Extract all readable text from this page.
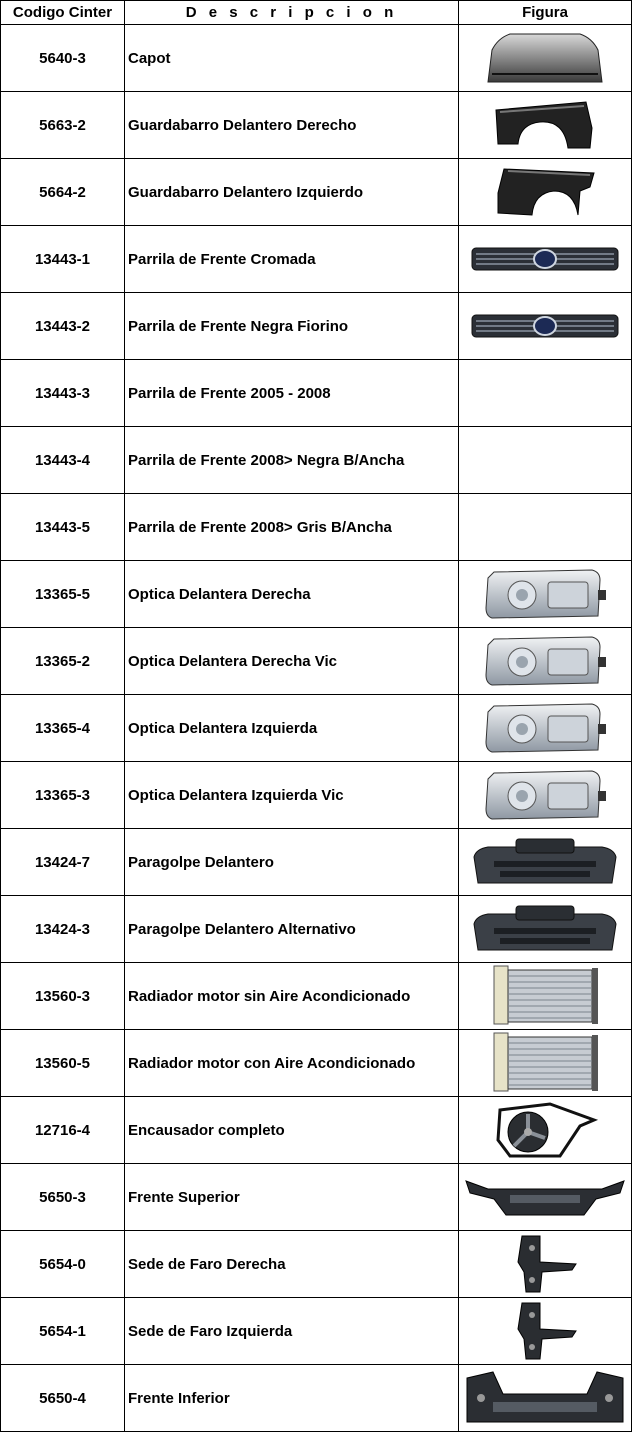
Codigo Cinter	D e s c r i p c i o n	Figura
5640-3	Capot	

5663-2	Guardabarro Delantero Derecho	

5664-2	Guardabarro Delantero Izquierdo	

13443-1	Parrila de Frente Cromada	

13443-2	Parrila de Frente Negra Fiorino	

13443-3	Parrila de Frente 2005 - 2008	
13443-4	Parrila de Frente 2008> Negra B/Ancha	
13443-5	Parrila de Frente 2008> Gris B/Ancha	
13365-5	Optica Delantera Derecha	

13365-2	Optica Delantera Derecha Vic	

13365-4	Optica Delantera Izquierda	

13365-3	Optica Delantera Izquierda Vic	

13424-7	Paragolpe Delantero	

13424-3	Paragolpe Delantero Alternativo	

13560-3	Radiador motor sin Aire Acondicionado	

13560-5	Radiador motor con Aire Acondicionado	

12716-4	Encausador completo	

5650-3	Frente Superior	

5654-0	Sede de Faro Derecha	

5654-1	Sede de Faro Izquierda	

5650-4	Frente Inferior	
